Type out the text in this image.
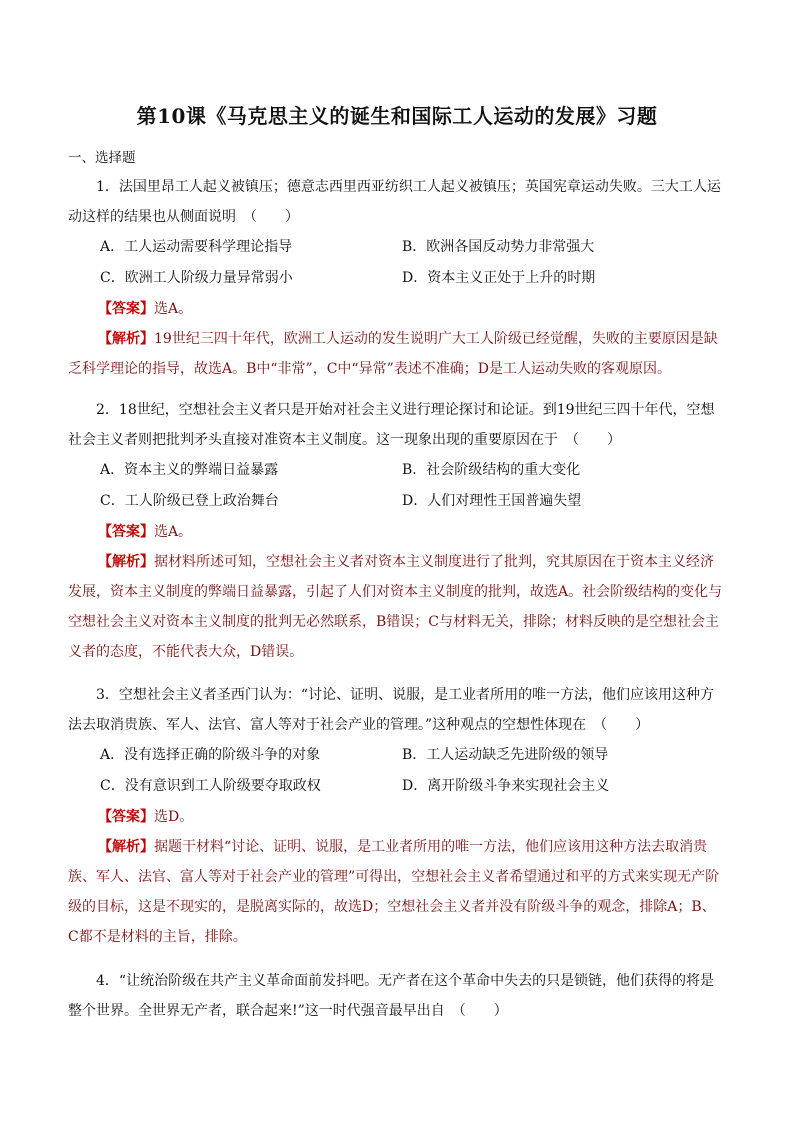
第10课《马克思主义的诞生和国际工人运动的发展》习题
一、选择题

1．法国里昂工人起义被镇压；德意志西里西亚纺织工人起义被镇压；英国宪章运动失败。三大工人运动这样的结果也从侧面说明　（　　）

A．工人运动需要科学理论指导	B．欧洲各国反动势力非常强大
C．欧洲工人阶级力量异常弱小	D．资本主义正处于上升的时期

【答案】选A。

【解析】19世纪三四十年代，欧洲工人运动的发生说明广大工人阶级已经觉醒，失败的主要原因是缺乏科学理论的指导，故选A。B中“非常”，C中“异常”表述不准确；D是工人运动失败的客观原因。

2．18世纪，空想社会主义者只是开始对社会主义进行理论探讨和论证。到19世纪三四十年代，空想社会主义者则把批判矛头直接对准资本主义制度。这一现象出现的重要原因在于　（　　）

A．资本主义的弊端日益暴露	B．社会阶级结构的重大变化
C．工人阶级已登上政治舞台	D．人们对理性王国普遍失望

【答案】选A。

【解析】据材料所述可知，空想社会主义者对资本主义制度进行了批判，究其原因在于资本主义经济发展，资本主义制度的弊端日益暴露，引起了人们对资本主义制度的批判，故选A。社会阶级结构的变化与空想社会主义对资本主义制度的批判无必然联系，B错误；C与材料无关，排除；材料反映的是空想社会主义者的态度，不能代表大众，D错误。

3．空想社会主义者圣西门认为：“讨论、证明、说服，是工业者所用的唯一方法，他们应该用这种方法去取消贵族、军人、法官、富人等对于社会产业的管理。”这种观点的空想性体现在　（　　）

A．没有选择正确的阶级斗争的对象	B．工人运动缺乏先进阶级的领导
C．没有意识到工人阶级要夺取政权	D．离开阶级斗争来实现社会主义

【答案】选D。

【解析】据题干材料“讨论、证明、说服，是工业者所用的唯一方法，他们应该用这种方法去取消贵族、军人、法官、富人等对于社会产业的管理”可得出，空想社会主义者希望通过和平的方式来实现无产阶级的目标，这是不现实的，是脱离实际的，故选D；空想社会主义者并没有阶级斗争的观念，排除A；B、C都不是材料的主旨，排除。

4．“让统治阶级在共产主义革命面前发抖吧。无产者在这个革命中失去的只是锁链，他们获得的将是整个世界。全世界无产者，联合起来!”这一时代强音最早出自　（　　）
